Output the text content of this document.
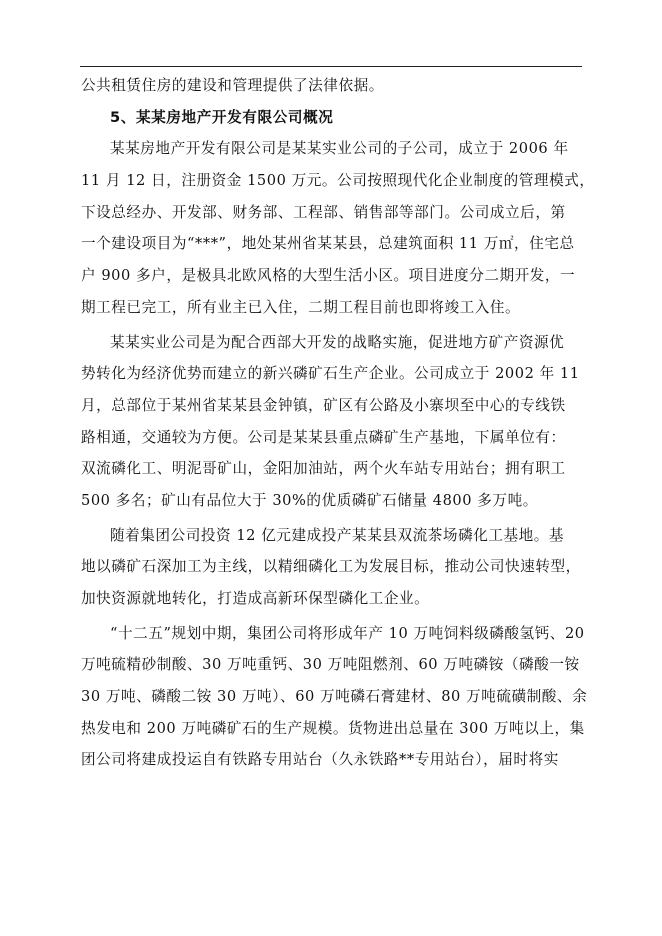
公共租赁住房的建设和管理提供了法律依据。
5、某某房地产开发有限公司概况
某某房地产开发有限公司是某某实业公司的子公司，成立于 2006 年
11 月 12 日，注册资金 1500 万元。公司按照现代化企业制度的管理模式，
下设总经办、开发部、财务部、工程部、销售部等部门。公司成立后，第
一个建设项目为“***”，地处某州省某某县，总建筑面积 11 万㎡，住宅总
户 900 多户，是极具北欧风格的大型生活小区。项目进度分二期开发，一
期工程已完工，所有业主已入住，二期工程目前也即将竣工入住。
某某实业公司是为配合西部大开发的战略实施，促进地方矿产资源优
势转化为经济优势而建立的新兴磷矿石生产企业。公司成立于 2002 年 11
月，总部位于某州省某某县金钟镇，矿区有公路及小寨坝至中心的专线铁
路相通，交通较为方便。公司是某某县重点磷矿生产基地，下属单位有：
双流磷化工、明泥哥矿山，金阳加油站，两个火车站专用站台；拥有职工
500 多名；矿山有品位大于 30%的优质磷矿石储量 4800 多万吨。
随着集团公司投资 12 亿元建成投产某某县双流茶场磷化工基地。基
地以磷矿石深加工为主线，以精细磷化工为发展目标，推动公司快速转型，
加快资源就地转化，打造成高新环保型磷化工企业。
“十二五”规划中期，集团公司将形成年产 10 万吨饲料级磷酸氢钙、20
万吨硫精砂制酸、30 万吨重钙、30 万吨阻燃剂、60 万吨磷铵（磷酸一铵
30 万吨、磷酸二铵 30 万吨）、60 万吨磷石膏建材、80 万吨硫磺制酸、余
热发电和 200 万吨磷矿石的生产规模。货物进出总量在 300 万吨以上，集
团公司将建成投运自有铁路专用站台（久永铁路**专用站台），届时将实
